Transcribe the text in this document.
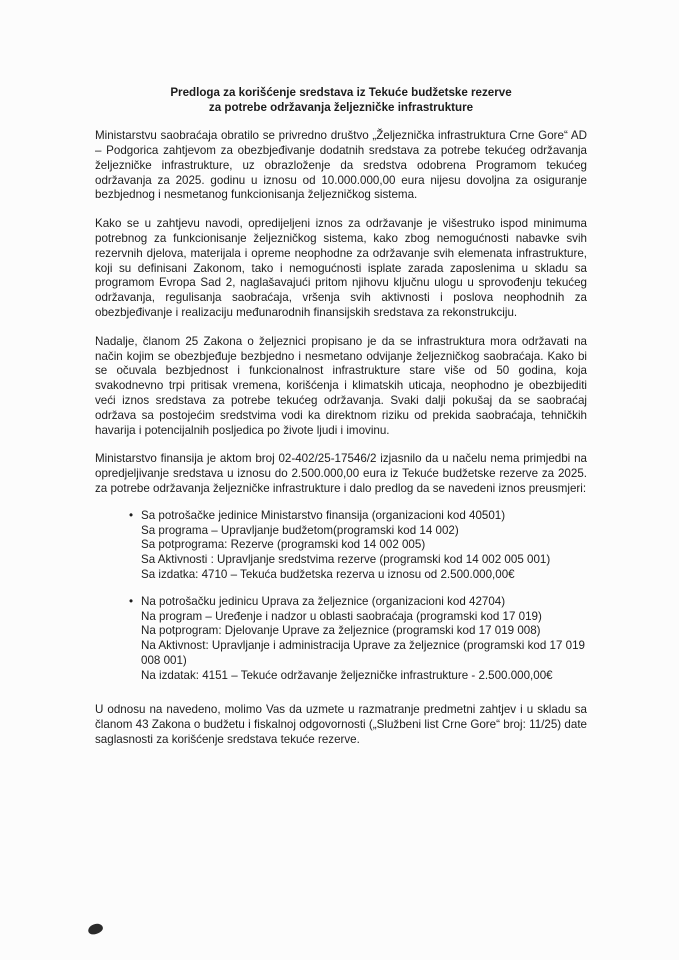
Predloga za korišćenje sredstava iz Tekuće budžetske rezerve
za potrebe održavanja željezničke infrastrukture

Ministarstvu saobraćaja obratilo se privredno društvo „Željeznička infrastruktura Crne Gore“ AD – Podgorica zahtjevom za obezbjeđivanje dodatnih sredstava za potrebe tekućeg održavanja željezničke infrastrukture, uz obrazloženje da sredstva odobrena Programom tekućeg održavanja za 2025. godinu u iznosu od 10.000.000,00 eura nijesu dovoljna za osiguranje bezbjednog i nesmetanog funkcionisanja željezničkog sistema.

Kako se u zahtjevu navodi, opredijeljeni iznos za održavanje je višestruko ispod minimuma potrebnog za funkcionisanje željezničkog sistema, kako zbog nemogućnosti nabavke svih rezervnih djelova, materijala i opreme neophodne za održavanje svih elemenata infrastrukture, koji su definisani Zakonom, tako i nemogućnosti isplate zarada zaposlenima u skladu sa programom Evropa Sad 2, naglašavajući pritom njihovu ključnu ulogu u sprovođenju tekućeg održavanja, regulisanja saobraćaja, vršenja svih aktivnosti i poslova neophodnih za obezbjeđivanje i realizaciju međunarodnih finansijskih sredstava za rekonstrukciju.

Nadalje, članom 25 Zakona o željeznici propisano je da se infrastruktura mora održavati na način kojim se obezbjeđuje bezbjedno i nesmetano odvijanje željezničkog saobraćaja. Kako bi se očuvala bezbjednost i funkcionalnost infrastrukture stare više od 50 godina, koja svakodnevno trpi pritisak vremena, korišćenja i klimatskih uticaja, neophodno je obezbijediti veći iznos sredstava za potrebe tekućeg održavanja. Svaki dalji pokušaj da se saobraćaj održava sa postojećim sredstvima vodi ka direktnom riziku od prekida saobraćaja, tehničkih havarija i potencijalnih posljedica po živote ljudi i imovinu.

Ministarstvo finansija je aktom broj 02-402/25-17546/2 izjasnilo da u načelu nema primjedbi na opredjeljivanje sredstava u iznosu do 2.500.000,00 eura iz Tekuće budžetske rezerve za 2025. za potrebe održavanja željezničke infrastrukture i dalo predlog da se navedeni iznos preusmjeri:

• Sa potrošačke jedinice Ministarstvo finansija (organizacioni kod 40501)
Sa programa – Upravljanje budžetom(programski kod 14 002)
Sa potprograma: Rezerve (programski kod 14 002 005)
Sa Aktivnosti : Upravljanje sredstvima rezerve (programski kod 14 002 005 001)
Sa izdatka: 4710 – Tekuća budžetska rezerva u iznosu od 2.500.000,00€
• Na potrošačku jedinicu Uprava za željeznice (organizacioni kod 42704)
Na program – Uređenje i nadzor u oblasti saobraćaja (programski kod 17 019)
Na potprogram: Djelovanje Uprave za željeznice (programski kod 17 019 008)
Na Aktivnost: Upravljanje i administracija Uprave za željeznice (programski kod 17 019 008 001)
Na izdatak: 4151 – Tekuće održavanje željezničke infrastrukture - 2.500.000,00€

U odnosu na navedeno, molimo Vas da uzmete u razmatranje predmetni zahtjev i u skladu sa članom 43 Zakona o budžetu i fiskalnoj odgovornosti („Službeni list Crne Gore“ broj: 11/25) date saglasnosti za korišćenje sredstava tekuće rezerve.
